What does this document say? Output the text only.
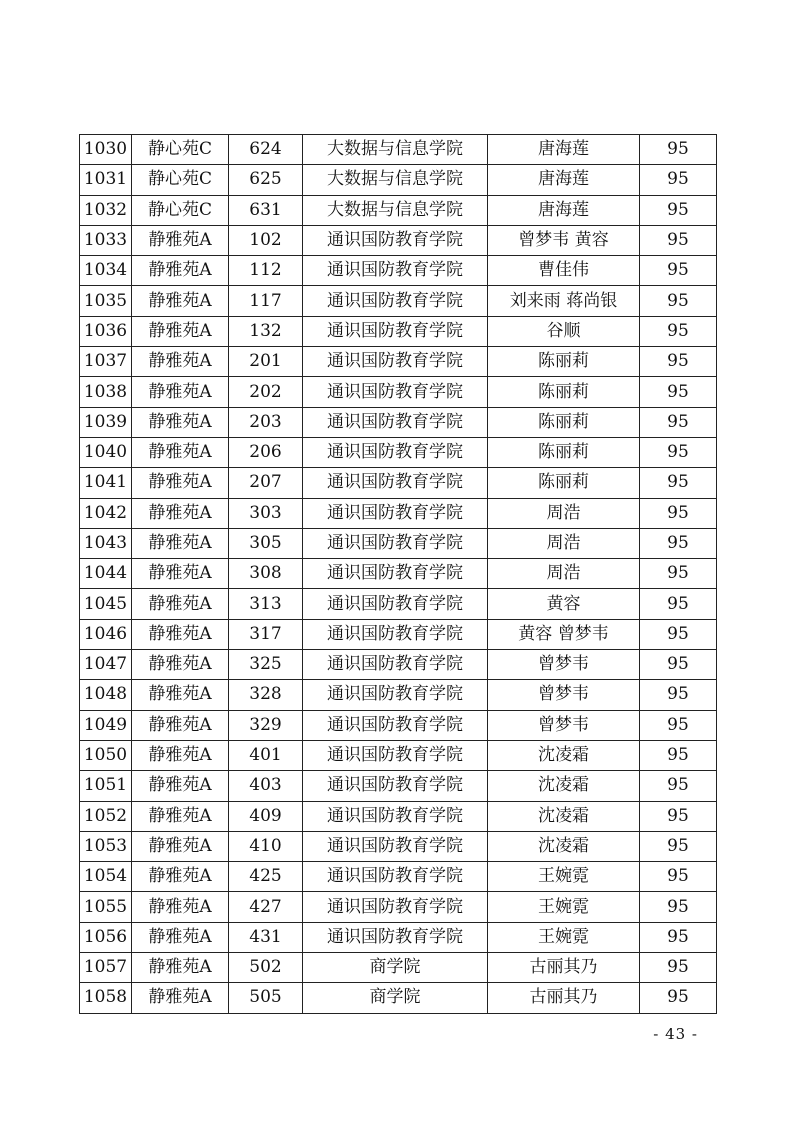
1030	静心苑C	624	大数据与信息学院	唐海莲	95
1031	静心苑C	625	大数据与信息学院	唐海莲	95
1032	静心苑C	631	大数据与信息学院	唐海莲	95
1033	静雅苑A	102	通识国防教育学院	曾梦韦 黄容	95
1034	静雅苑A	112	通识国防教育学院	曹佳伟	95
1035	静雅苑A	117	通识国防教育学院	刘来雨 蒋尚银	95
1036	静雅苑A	132	通识国防教育学院	谷顺	95
1037	静雅苑A	201	通识国防教育学院	陈丽莉	95
1038	静雅苑A	202	通识国防教育学院	陈丽莉	95
1039	静雅苑A	203	通识国防教育学院	陈丽莉	95
1040	静雅苑A	206	通识国防教育学院	陈丽莉	95
1041	静雅苑A	207	通识国防教育学院	陈丽莉	95
1042	静雅苑A	303	通识国防教育学院	周浩	95
1043	静雅苑A	305	通识国防教育学院	周浩	95
1044	静雅苑A	308	通识国防教育学院	周浩	95
1045	静雅苑A	313	通识国防教育学院	黄容	95
1046	静雅苑A	317	通识国防教育学院	黄容 曾梦韦	95
1047	静雅苑A	325	通识国防教育学院	曾梦韦	95
1048	静雅苑A	328	通识国防教育学院	曾梦韦	95
1049	静雅苑A	329	通识国防教育学院	曾梦韦	95
1050	静雅苑A	401	通识国防教育学院	沈凌霜	95
1051	静雅苑A	403	通识国防教育学院	沈凌霜	95
1052	静雅苑A	409	通识国防教育学院	沈凌霜	95
1053	静雅苑A	410	通识国防教育学院	沈凌霜	95
1054	静雅苑A	425	通识国防教育学院	王婉霓	95
1055	静雅苑A	427	通识国防教育学院	王婉霓	95
1056	静雅苑A	431	通识国防教育学院	王婉霓	95
1057	静雅苑A	502	商学院	古丽其乃	95
1058	静雅苑A	505	商学院	古丽其乃	95
- 43 -
